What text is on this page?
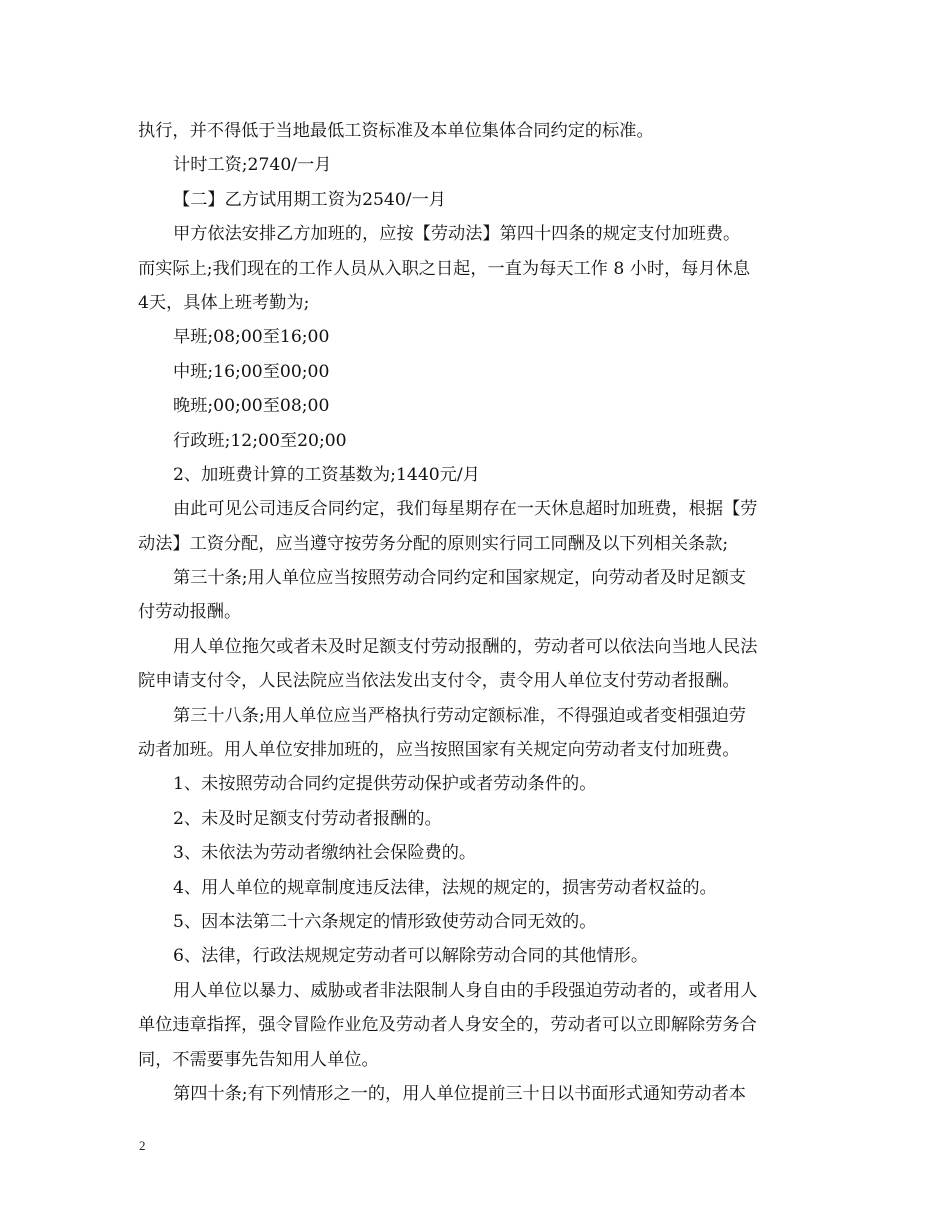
执行，并不得低于当地最低工资标准及本单位集体合同约定的标准。
计时工资;2740/一月
【二】乙方试用期工资为2540/一月
甲方依法安排乙方加班的，应按【劳动法】第四十四条的规定支付加班费。
而实际上;我们现在的工作人员从入职之日起，一直为每天工作 8 小时，每月休息
4天，具体上班考勤为;
早班;08;00至16;00
中班;16;00至00;00
晚班;00;00至08;00
行政班;12;00至20;00
2、加班费计算的工资基数为;1440元/月
由此可见公司违反合同约定，我们每星期存在一天休息超时加班费，根据【劳
动法】工资分配，应当遵守按劳务分配的原则实行同工同酬及以下列相关条款;
第三十条;用人单位应当按照劳动合同约定和国家规定，向劳动者及时足额支
付劳动报酬。
用人单位拖欠或者未及时足额支付劳动报酬的，劳动者可以依法向当地人民法
院申请支付令，人民法院应当依法发出支付令，责令用人单位支付劳动者报酬。
第三十八条;用人单位应当严格执行劳动定额标准，不得强迫或者变相强迫劳
动者加班。用人单位安排加班的，应当按照国家有关规定向劳动者支付加班费。
1、未按照劳动合同约定提供劳动保护或者劳动条件的。
2、未及时足额支付劳动者报酬的。
3、未依法为劳动者缴纳社会保险费的。
4、用人单位的规章制度违反法律，法规的规定的，损害劳动者权益的。
5、因本法第二十六条规定的情形致使劳动合同无效的。
6、法律，行政法规规定劳动者可以解除劳动合同的其他情形。
用人单位以暴力、威胁或者非法限制人身自由的手段强迫劳动者的，或者用人
单位违章指挥，强令冒险作业危及劳动者人身安全的，劳动者可以立即解除劳务合
同，不需要事先告知用人单位。
第四十条;有下列情形之一的，用人单位提前三十日以书面形式通知劳动者本
2
